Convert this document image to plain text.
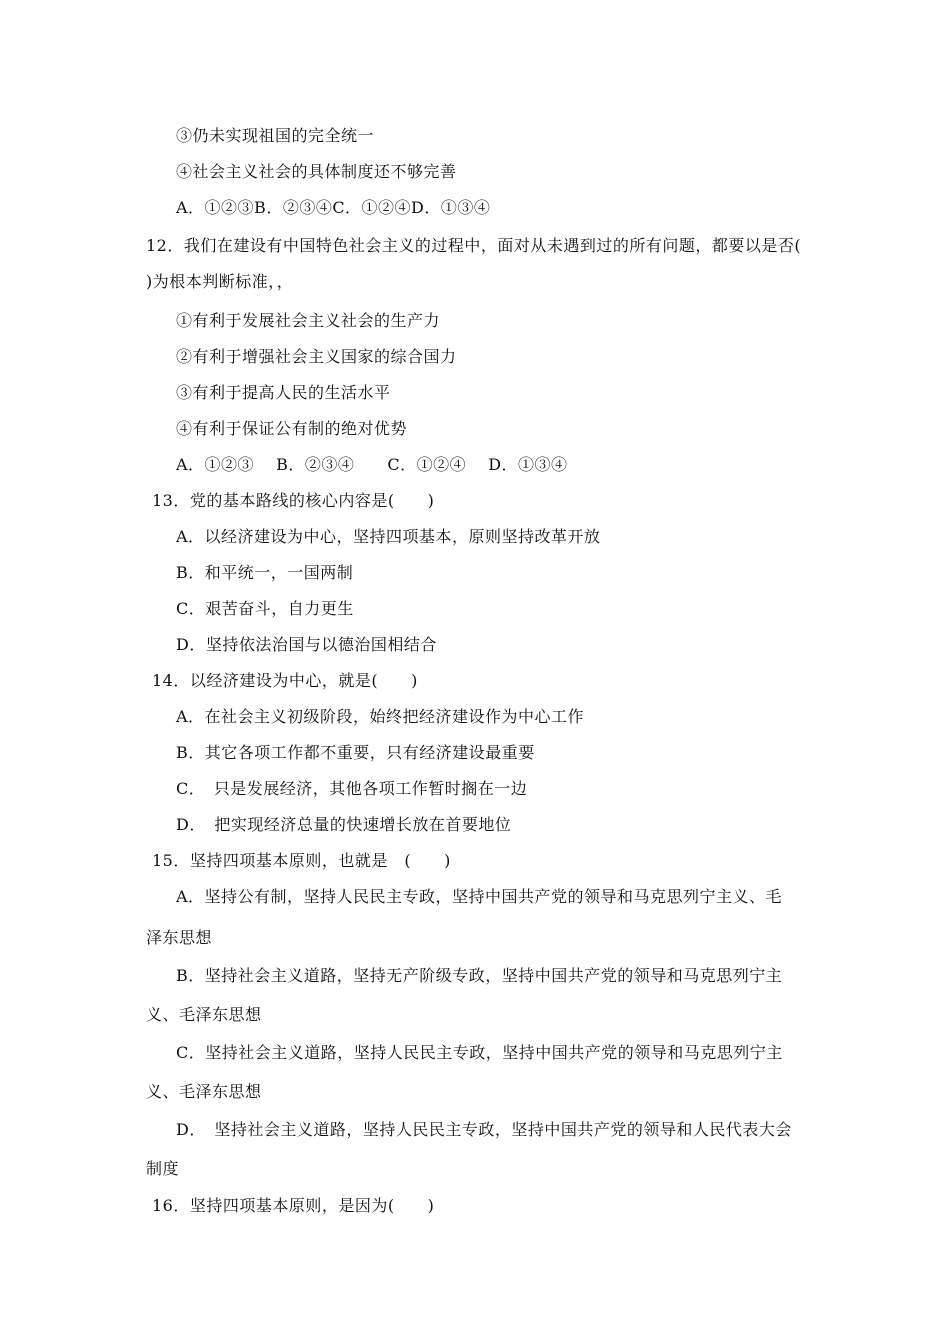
③仍未实现祖国的完全统一
④社会主义社会的具体制度还不够完善
A．①②③B．②③④C．①②④D．①③④
12．我们在建设有中国特色社会主义的过程中，面对从未遇到过的所有问题，都要以是否(
)为根本判断标准，，
①有利于发展社会主义社会的生产力
②有利于增强社会主义国家的综合国力
③有利于提高人民的生活水平
④有利于保证公有制的绝对优势
A．①②③　 B．②③④　　C．①②④　 D．①③④
13．党的基本路线的核心内容是(　　)
A．以经济建设为中心，坚持四项基本，原则坚持改革开放
B．和平统一，一国两制
C．艰苦奋斗，自力更生
D．坚持依法治国与以德治国相结合
14．以经济建设为中心，就是(　　)
A．在社会主义初级阶段，始终把经济建设作为中心工作
B．其它各项工作都不重要，只有经济建设最重要
C．　只是发展经济，其他各项工作暂时搁在一边
D．　把实现经济总量的快速增长放在首要地位
15．坚持四项基本原则，也就是　(　　)
A．坚持公有制，坚持人民民主专政，坚持中国共产党的领导和马克思列宁主义、毛
泽东思想
B．坚持社会主义道路，坚持无产阶级专政，坚持中国共产党的领导和马克思列宁主
义、毛泽东思想
C．坚持社会主义道路，坚持人民民主专政，坚持中国共产党的领导和马克思列宁主
义、毛泽东思想
D．　坚持社会主义道路，坚持人民民主专政，坚持中国共产党的领导和人民代表大会
制度
16．坚持四项基本原则，是因为(　　)
